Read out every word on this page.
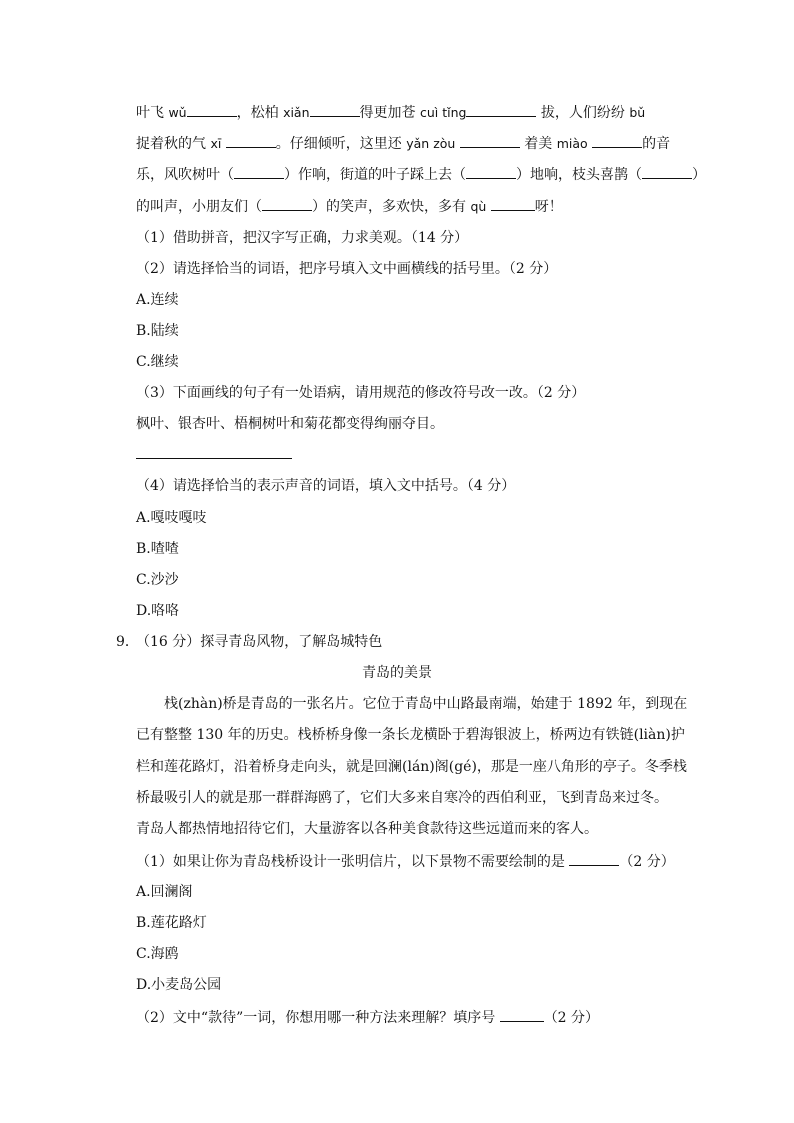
叶飞 wǔ	，松柏 xiǎn	得更加苍 cuì tǐng	拔，人们纷纷 bǔ
捉着秋的气 xī	。仔细倾听，这里还 yǎn zòu	着美 miào	的音
乐，风吹树叶（	）作响，街道的叶子踩上去（	）地响，枝头喜鹊（	）
的叫声，小朋友们（	）的笑声，多欢快，多有 qù	呀！
（1）借助拼音，把汉字写正确，力求美观。（14 分）
（2）请选择恰当的词语，把序号填入文中画横线的括号里。（2 分）
A.连续
B.陆续
C.继续
（3）下面画线的句子有一处语病，请用规范的修改符号改一改。（2 分）
枫叶、银杏叶、梧桐树叶和菊花都变得绚丽夺目。
（4）请选择恰当的表示声音的词语，填入文中括号。（4 分）
A.嘎吱嘎吱
B.喳喳
C.沙沙
D.咯咯
9．
（16 分）探寻青岛风物，了解岛城特色
青岛的美景
栈(zhàn)桥是青岛的一张名片。它位于青岛中山路最南端，始建于 1892 年，到现在
已有整整 130 年的历史。栈桥桥身像一条长龙横卧于碧海银波上，桥两边有铁链(liàn)护
栏和莲花路灯，沿着桥身走向头，就是回澜(lán)阁(gé)，那是一座八角形的亭子。冬季栈
桥最吸引人的就是那一群群海鸥了，它们大多来自寒冷的西伯利亚，飞到青岛来过冬。
青岛人都热情地招待它们，大量游客以各种美食款待这些远道而来的客人。
（1）如果让你为青岛栈桥设计一张明信片，以下景物不需要绘制的是	（2 分）
A.回澜阁
B.莲花路灯
C.海鸥
D.小麦岛公园
（2）文中“款待”一词，你想用哪一种方法来理解？填序号	（2 分）
